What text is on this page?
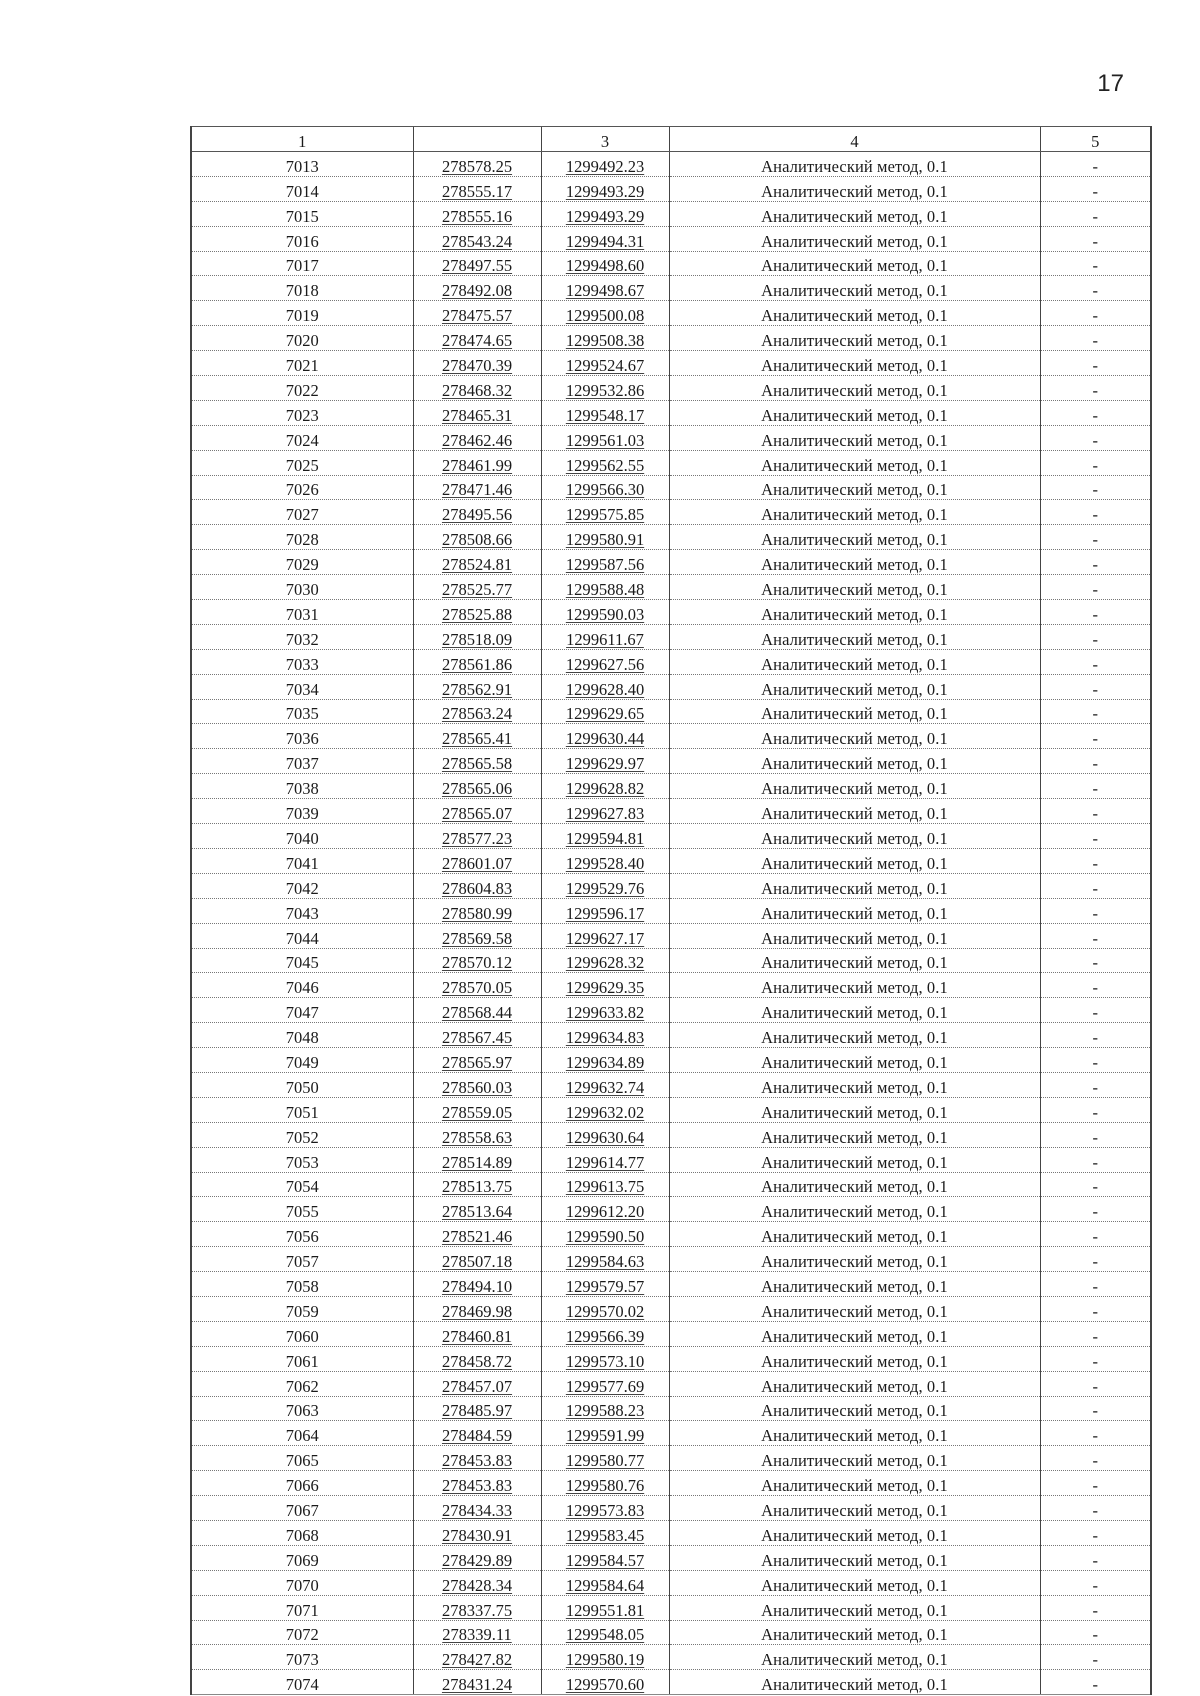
17
1		3	4	5
7013	278578.25	1299492.23	Аналитический метод, 0.1	-
7014	278555.17	1299493.29	Аналитический метод, 0.1	-
7015	278555.16	1299493.29	Аналитический метод, 0.1	-
7016	278543.24	1299494.31	Аналитический метод, 0.1	-
7017	278497.55	1299498.60	Аналитический метод, 0.1	-
7018	278492.08	1299498.67	Аналитический метод, 0.1	-
7019	278475.57	1299500.08	Аналитический метод, 0.1	-
7020	278474.65	1299508.38	Аналитический метод, 0.1	-
7021	278470.39	1299524.67	Аналитический метод, 0.1	-
7022	278468.32	1299532.86	Аналитический метод, 0.1	-
7023	278465.31	1299548.17	Аналитический метод, 0.1	-
7024	278462.46	1299561.03	Аналитический метод, 0.1	-
7025	278461.99	1299562.55	Аналитический метод, 0.1	-
7026	278471.46	1299566.30	Аналитический метод, 0.1	-
7027	278495.56	1299575.85	Аналитический метод, 0.1	-
7028	278508.66	1299580.91	Аналитический метод, 0.1	-
7029	278524.81	1299587.56	Аналитический метод, 0.1	-
7030	278525.77	1299588.48	Аналитический метод, 0.1	-
7031	278525.88	1299590.03	Аналитический метод, 0.1	-
7032	278518.09	1299611.67	Аналитический метод, 0.1	-
7033	278561.86	1299627.56	Аналитический метод, 0.1	-
7034	278562.91	1299628.40	Аналитический метод, 0.1	-
7035	278563.24	1299629.65	Аналитический метод, 0.1	-
7036	278565.41	1299630.44	Аналитический метод, 0.1	-
7037	278565.58	1299629.97	Аналитический метод, 0.1	-
7038	278565.06	1299628.82	Аналитический метод, 0.1	-
7039	278565.07	1299627.83	Аналитический метод, 0.1	-
7040	278577.23	1299594.81	Аналитический метод, 0.1	-
7041	278601.07	1299528.40	Аналитический метод, 0.1	-
7042	278604.83	1299529.76	Аналитический метод, 0.1	-
7043	278580.99	1299596.17	Аналитический метод, 0.1	-
7044	278569.58	1299627.17	Аналитический метод, 0.1	-
7045	278570.12	1299628.32	Аналитический метод, 0.1	-
7046	278570.05	1299629.35	Аналитический метод, 0.1	-
7047	278568.44	1299633.82	Аналитический метод, 0.1	-
7048	278567.45	1299634.83	Аналитический метод, 0.1	-
7049	278565.97	1299634.89	Аналитический метод, 0.1	-
7050	278560.03	1299632.74	Аналитический метод, 0.1	-
7051	278559.05	1299632.02	Аналитический метод, 0.1	-
7052	278558.63	1299630.64	Аналитический метод, 0.1	-
7053	278514.89	1299614.77	Аналитический метод, 0.1	-
7054	278513.75	1299613.75	Аналитический метод, 0.1	-
7055	278513.64	1299612.20	Аналитический метод, 0.1	-
7056	278521.46	1299590.50	Аналитический метод, 0.1	-
7057	278507.18	1299584.63	Аналитический метод, 0.1	-
7058	278494.10	1299579.57	Аналитический метод, 0.1	-
7059	278469.98	1299570.02	Аналитический метод, 0.1	-
7060	278460.81	1299566.39	Аналитический метод, 0.1	-
7061	278458.72	1299573.10	Аналитический метод, 0.1	-
7062	278457.07	1299577.69	Аналитический метод, 0.1	-
7063	278485.97	1299588.23	Аналитический метод, 0.1	-
7064	278484.59	1299591.99	Аналитический метод, 0.1	-
7065	278453.83	1299580.77	Аналитический метод, 0.1	-
7066	278453.83	1299580.76	Аналитический метод, 0.1	-
7067	278434.33	1299573.83	Аналитический метод, 0.1	-
7068	278430.91	1299583.45	Аналитический метод, 0.1	-
7069	278429.89	1299584.57	Аналитический метод, 0.1	-
7070	278428.34	1299584.64	Аналитический метод, 0.1	-
7071	278337.75	1299551.81	Аналитический метод, 0.1	-
7072	278339.11	1299548.05	Аналитический метод, 0.1	-
7073	278427.82	1299580.19	Аналитический метод, 0.1	-
7074	278431.24	1299570.60	Аналитический метод, 0.1	-
